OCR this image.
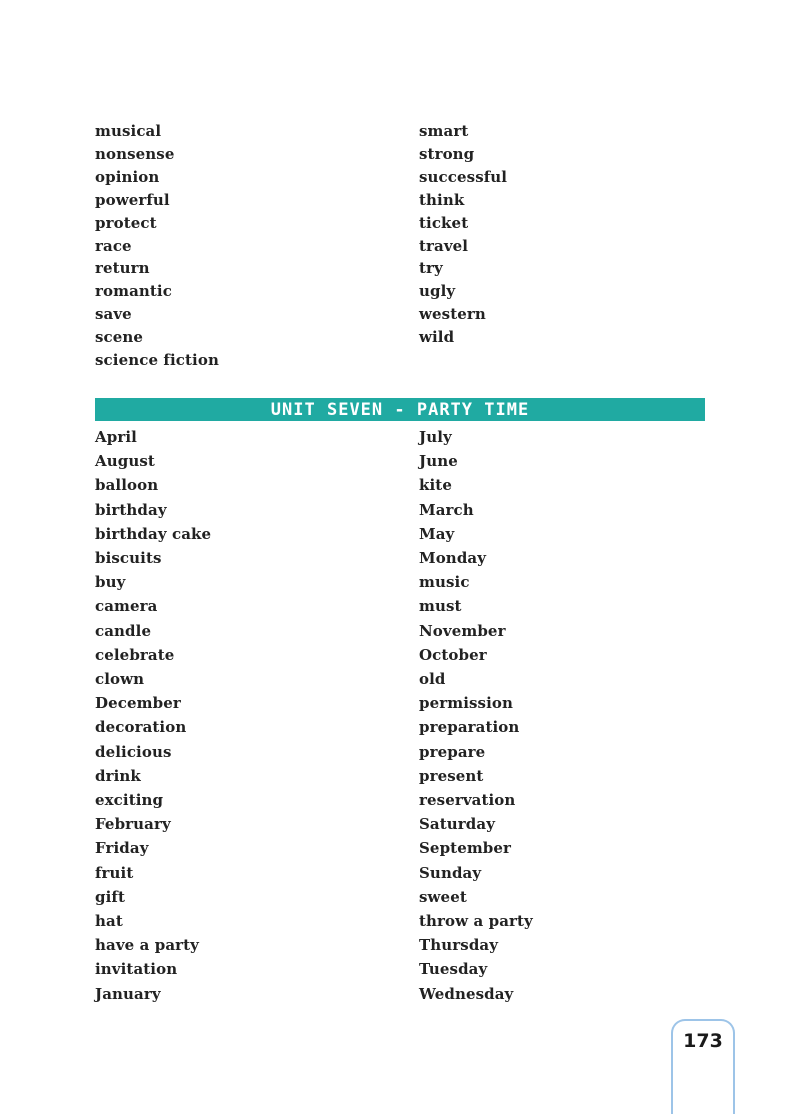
musical
nonsense
opinion
powerful
protect
race
return
romantic
save
scene
science fiction
smart
strong
successful
think
ticket
travel
try
ugly
western
wild
UNIT SEVEN - PARTY TIME
April
August
balloon
birthday
birthday cake
biscuits
buy
camera
candle
celebrate
clown
December
decoration
delicious
drink
exciting
February
Friday
fruit
gift
hat
have a party
invitation
January
July
June
kite
March
May
Monday
music
must
November
October
old
permission
preparation
prepare
present
reservation
Saturday
September
Sunday
sweet
throw a party
Thursday
Tuesday
Wednesday
173
